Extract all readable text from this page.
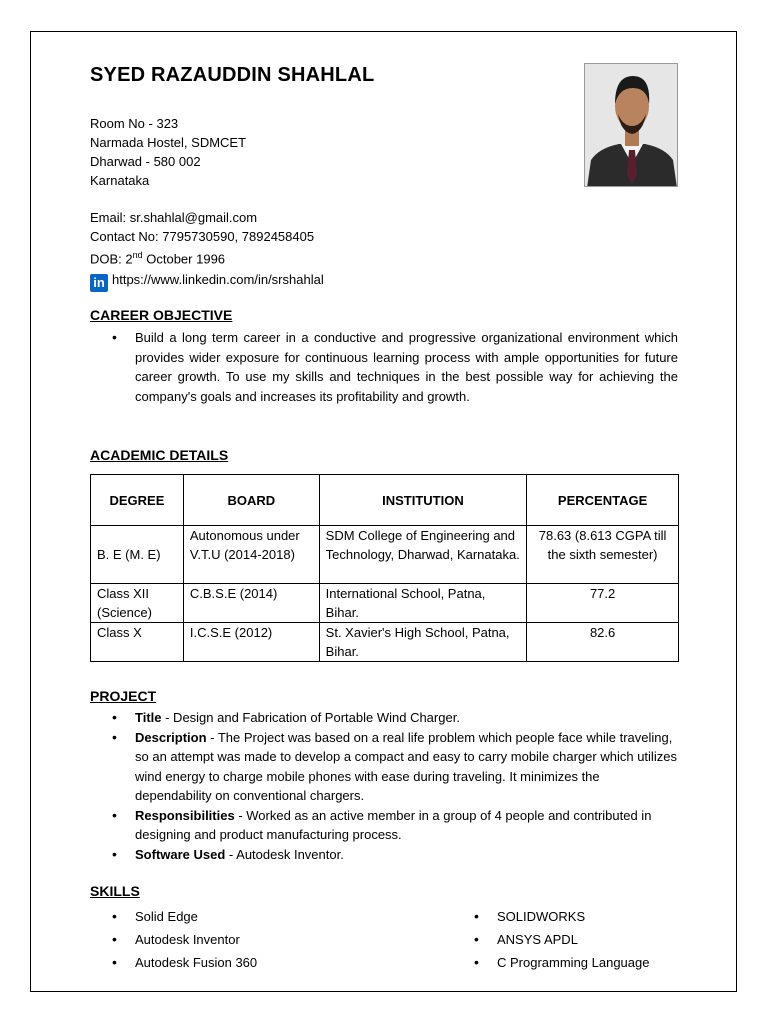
SYED RAZAUDDIN SHAHLAL
Room No - 323
Narmada Hostel, SDMCET
Dharwad - 580 002
Karnataka
Email: sr.shahlal@gmail.com
Contact No: 7795730590, 7892458405
DOB: 2nd October 1996
in https://www.linkedin.com/in/srshahlal
CAREER OBJECTIVE
• Build a long term career in a conductive and progressive organizational environment which provides wider exposure for continuous learning process with ample opportunities for future career growth. To use my skills and techniques in the best possible way for achieving the company's goals and increases its profitability and growth.
ACADEMIC DETAILS
DEGREE	BOARD	INSTITUTION	PERCENTAGE
B. E (M. E)	Autonomous under V.T.U (2014-2018)	SDM College of Engineering and Technology, Dharwad, Karnataka.	78.63 (8.613 CGPA till the sixth semester)
Class XII (Science)	C.B.S.E (2014)	International School, Patna, Bihar.	77.2
Class X	I.C.S.E (2012)	St. Xavier's High School, Patna, Bihar.	82.6
PROJECT
• Title - Design and Fabrication of Portable Wind Charger.
• Description - The Project was based on a real life problem which people face while traveling, so an attempt was made to develop a compact and easy to carry mobile charger which utilizes wind energy to charge mobile phones with ease during traveling. It minimizes the dependability on conventional chargers.
• Responsibilities - Worked as an active member in a group of 4 people and contributed in designing and product manufacturing process.
• Software Used - Autodesk Inventor.
SKILLS
• Solid Edge
• Autodesk Inventor
• Autodesk Fusion 360
• SOLIDWORKS
• ANSYS APDL
• C Programming Language
